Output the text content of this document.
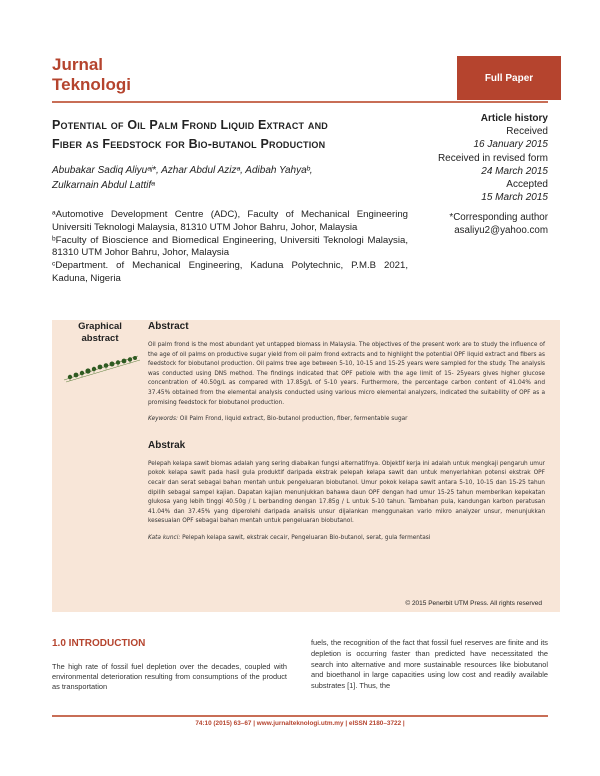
Jurnal
Teknologi	Full Paper
Potential of Oil Palm Frond Liquid Extract and
Fiber as Feedstock for Bio-butanol Production
Article history
Received
16 January 2015
Received in revised form
24 March 2015
Accepted
15 March 2015
Abubakar Sadiq Aliyuᵃʲ*, Azhar Abdul Azizᵃ, Adibah Yahyaᵇ,
Zulkarnain Abdul Lattifᵃ
ᵃAutomotive Development Centre (ADC), Faculty of Mechanical Engineering Universiti Teknologi Malaysia, 81310 UTM Johor Bahru, Johor, Malaysia
ᵇFaculty of Bioscience and Biomedical Engineering, Universiti Teknologi Malaysia, 81310 UTM Johor Bahru, Johor, Malaysia
ᶜDepartment. of Mechanical Engineering, Kaduna Polytechnic, P.M.B 2021, Kaduna, Nigeria
*Corresponding author
asaliyu2@yahoo.com
Graphical
abstract
Abstract

Oil palm frond is the most abundant yet untapped biomass in Malaysia. The objectives of the present work are to study the influence of the age of oil palms on productive sugar yield from oil palm frond extracts and to highlight the potential OPF liquid extract and fibers as feedstock for biobutanol production. Oil palms tree age between 5-10, 10-15 and 15-25 years were sampled for the study. The analysis was conducted using DNS method. The findings indicated that OPF petiole with the age limit of 15- 25years gives higher glucose concentration of 40.50g/L as compared with 17.85g/L of 5-10 years. Furthermore, the percentage carbon content of 41.04% and 37.45% obtained from the elemental analysis conducted using various micro elemental analyzers, indicated the suitability of OPF as a promising feedstock for biobutanol production.

Keywords: Oil Palm Frond, liquid extract, Bio-butanol production, fiber, fermentable sugar

Abstrak

Pelepah kelapa sawit biomas adalah yang sering diabaikan fungsi alternatifnya. Objektif kerja ini adalah untuk mengkaji pengaruh umur pokok kelapa sawit pada hasil gula produktif daripada ekstrak pelepah kelapa sawit dan untuk menyerlahkan potensi ekstrak OPF cecair dan serat sebagai bahan mentah untuk pengeluaran biobutanol. Umur pokok kelapa sawit antara 5-10, 10-15 dan 15-25 tahun dipilih sebagai sampel kajian. Dapatan kajian menunjukkan bahawa daun OPF dengan had umur 15-25 tahun memberikan kepekatan glukosa yang lebih tinggi 40.50g / L berbanding dengan 17.85g / L untuk 5-10 tahun. Tambahan pula, kandungan karbon peratusan 41.04% dan 37.45% yang diperolehi daripada analisis unsur dijalankan menggunakan vario mikro analyzer unsur, menunjukkan kesesuaian OPF sebagai bahan mentah untuk pengeluaran biobutanol.

Kata kunci: Pelepah kelapa sawit, ekstrak cecair, Pengeluaran Bio-butanol, serat, gula fermentasi

© 2015 Penerbit UTM Press. All rights reserved
1.0 INTRODUCTION

The high rate of fossil fuel depletion over the decades, coupled with environmental deterioration resulting from consumptions of the product as transportation

fuels, the recognition of the fact that fossil fuel reserves are finite and its depletion is occurring faster than predicted have necessitated the search into alternative and more sustainable resources like biobutanol and bioethanol in large capacities using low cost and readily available substrates [1]. Thus, the

74:10 (2015) 63–67 | www.jurnalteknologi.utm.my | eISSN 2180–3722 |
